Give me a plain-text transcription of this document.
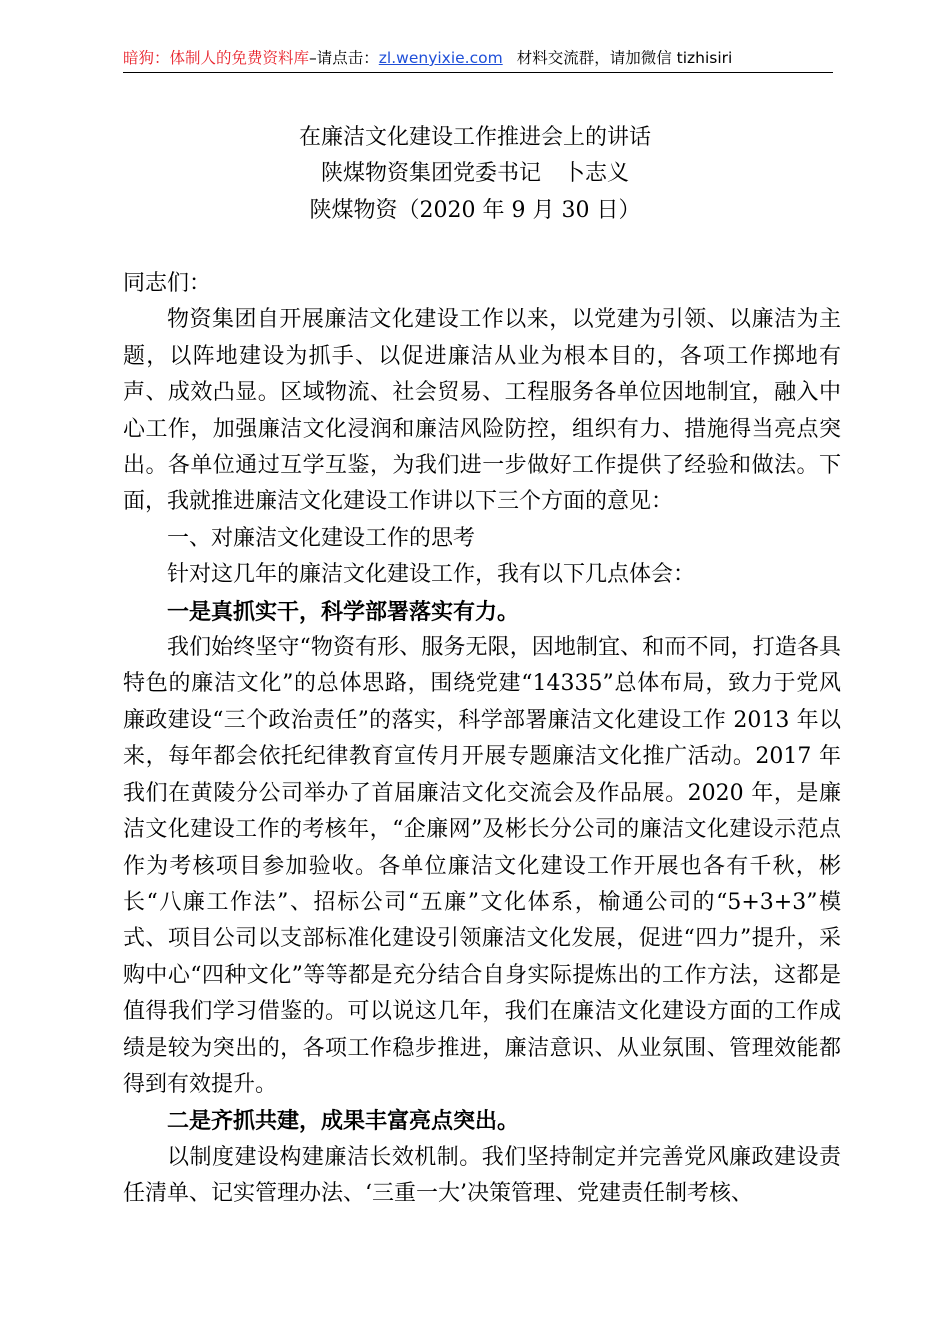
暗狗：体制人的免费资料库–请点击：zl.wenyixie.com 材料交流群，请加微信 tizhisiri
在廉洁文化建设工作推进会上的讲话
陕煤物资集团党委书记 卜志义
陕煤物资（2020 年 9 月 30 日）

同志们：

物资集团自开展廉洁文化建设工作以来，以党建为引领、以廉洁为主题，以阵地建设为抓手、以促进廉洁从业为根本目的，各项工作掷地有声、成效凸显。区域物流、社会贸易、工程服务各单位因地制宜，融入中心工作，加强廉洁文化浸润和廉洁风险防控，组织有力、措施得当亮点突出。各单位通过互学互鉴，为我们进一步做好工作提供了经验和做法。下面，我就推进廉洁文化建设工作讲以下三个方面的意见：

一、对廉洁文化建设工作的思考

针对这几年的廉洁文化建设工作，我有以下几点体会：

一是真抓实干，科学部署落实有力。

我们始终坚守“物资有形、服务无限，因地制宜、和而不同，打造各具特色的廉洁文化”的总体思路，围绕党建“14335”总体布局，致力于党风廉政建设“三个政治责任”的落实，科学部署廉洁文化建设工作 2013 年以来，每年都会依托纪律教育宣传月开展专题廉洁文化推广活动。2017 年我们在黄陵分公司举办了首届廉洁文化交流会及作品展。2020 年，是廉洁文化建设工作的考核年，“企廉网”及彬长分公司的廉洁文化建设示范点作为考核项目参加验收。各单位廉洁文化建设工作开展也各有千秋，彬长“八廉工作法”、招标公司“五廉”文化体系，榆通公司的“5+3+3”模式、项目公司以支部标准化建设引领廉洁文化发展，促进“四力”提升，采购中心“四种文化”等等都是充分结合自身实际提炼出的工作方法，这都是值得我们学习借鉴的。可以说这几年，我们在廉洁文化建设方面的工作成绩是较为突出的，各项工作稳步推进，廉洁意识、从业氛围、管理效能都得到有效提升。

二是齐抓共建，成果丰富亮点突出。

以制度建设构建廉洁长效机制。我们坚持制定并完善党风廉政建设责任清单、记实管理办法、‘三重一大’决策管理、党建责任制考核、
